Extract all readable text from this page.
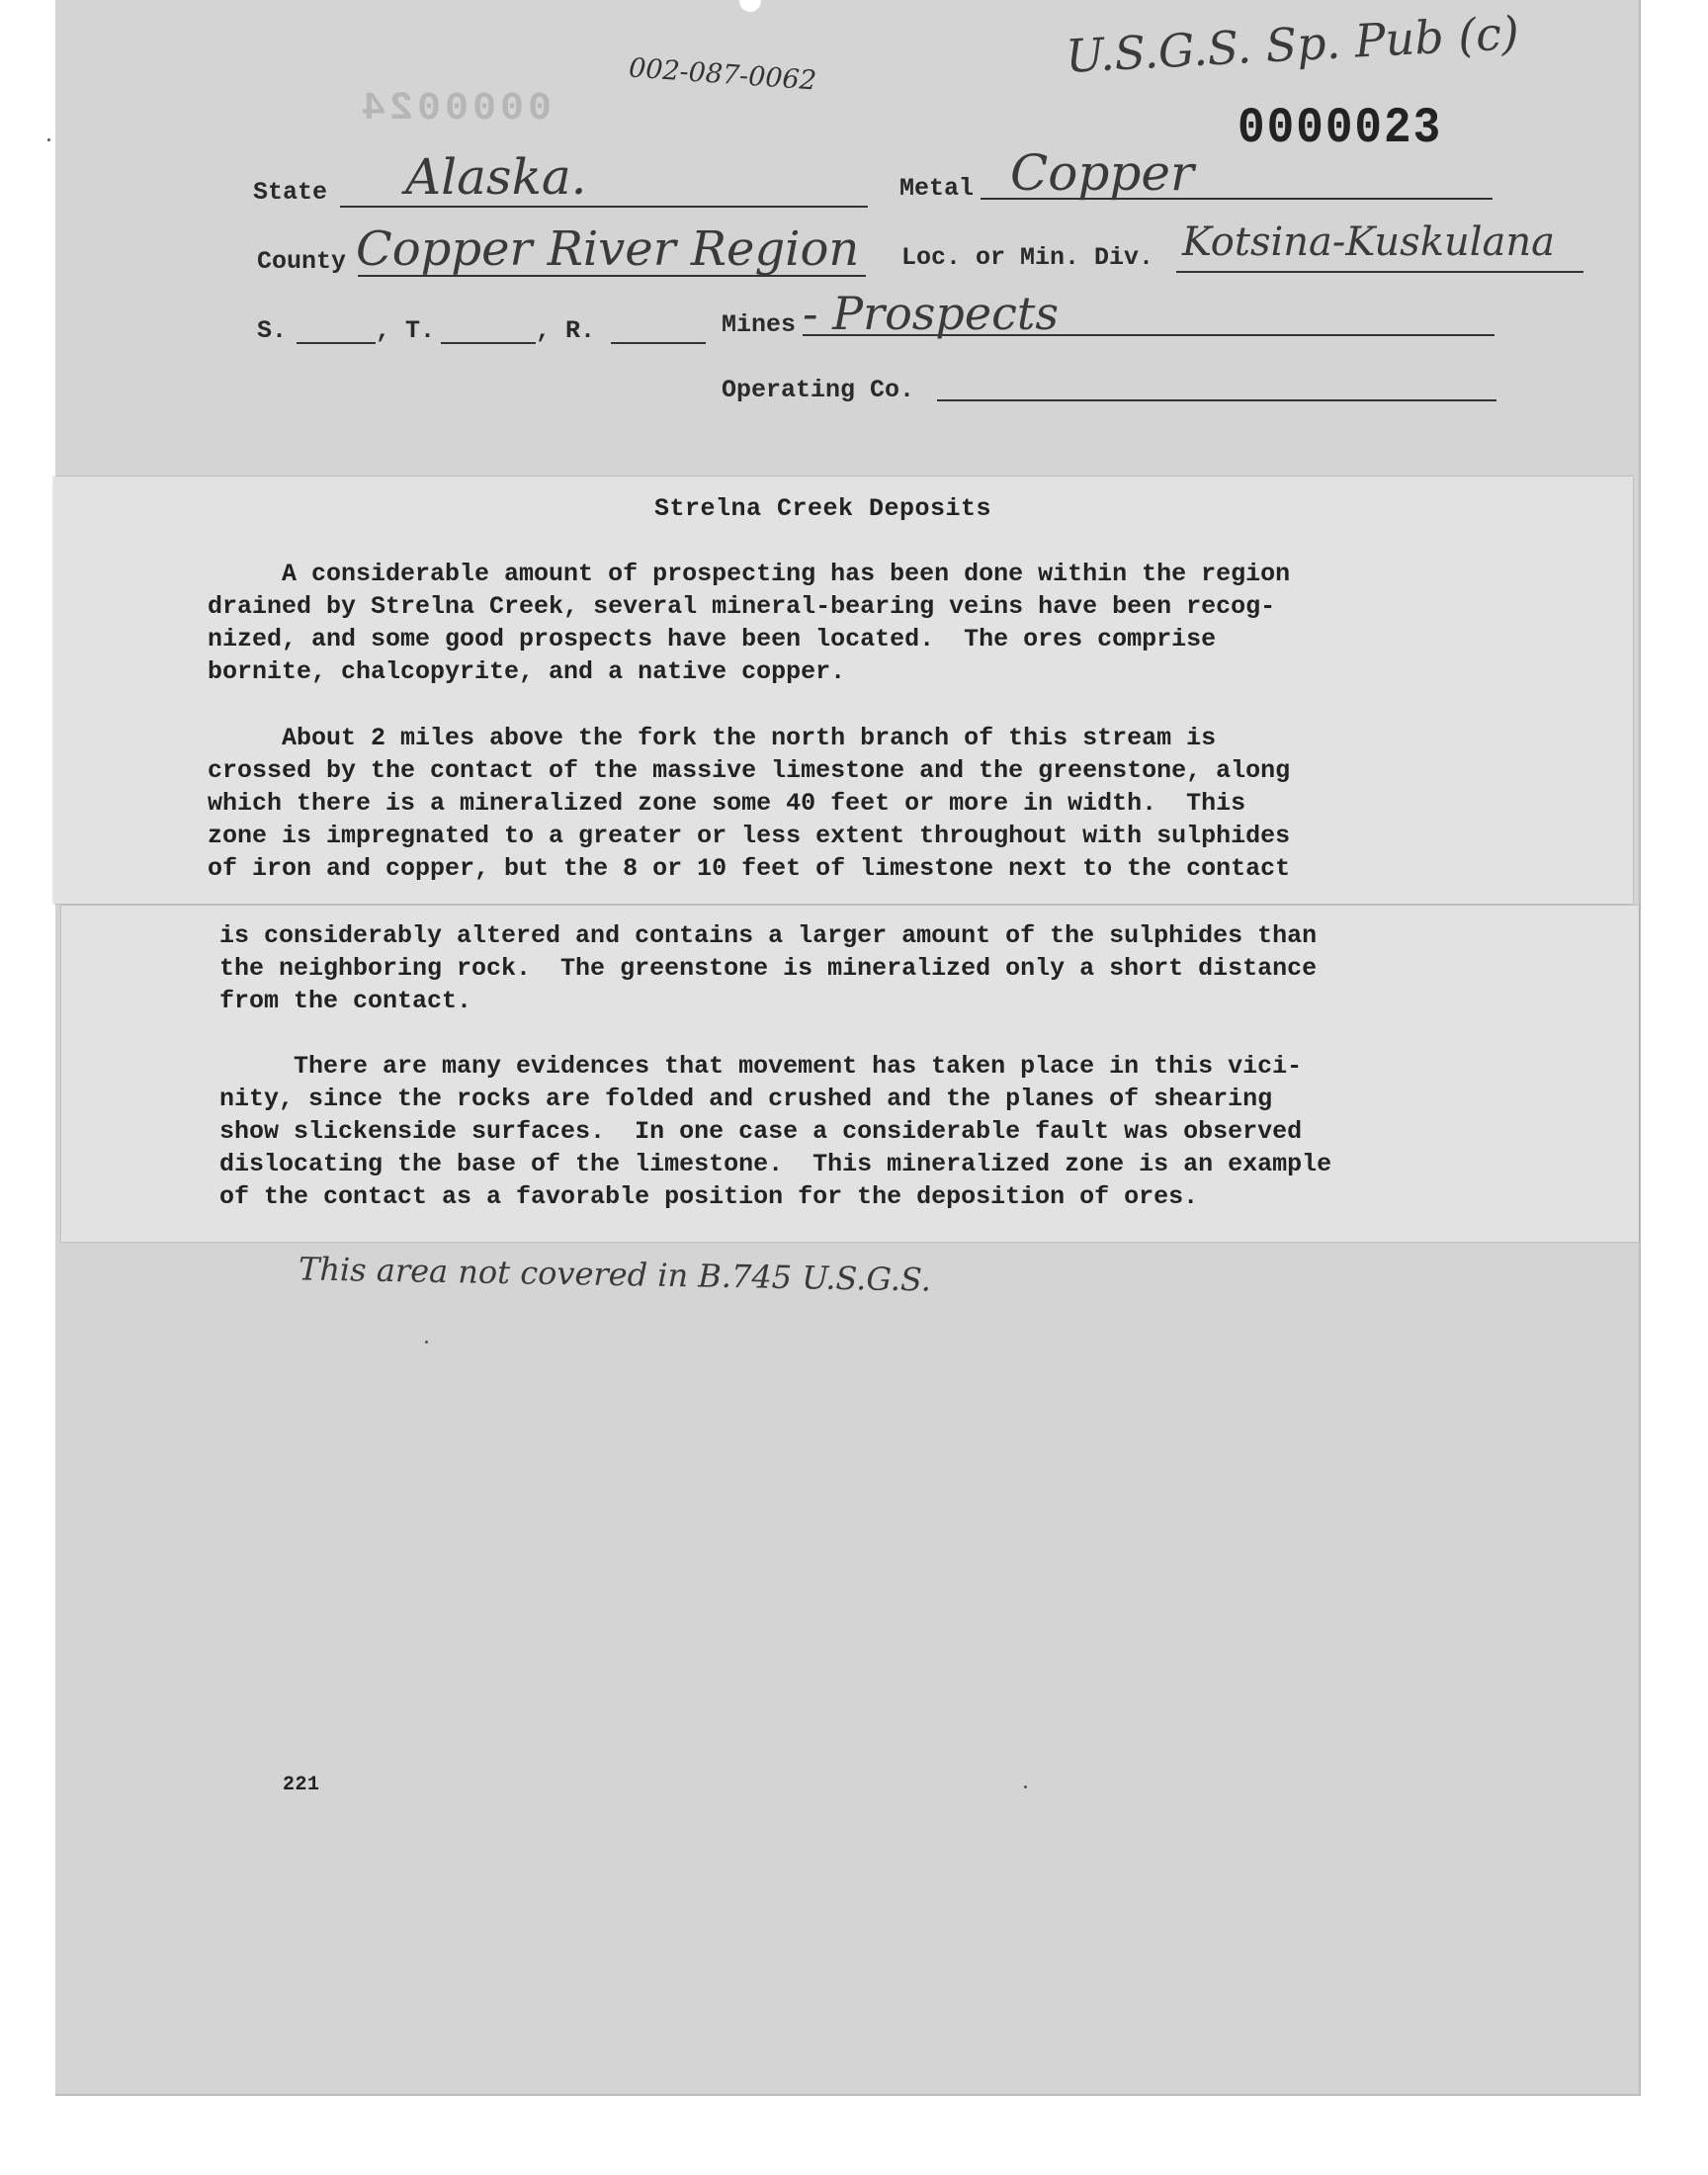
U.S.G.S. Sp. Pub (c)
002-087-0062
0000024	0000023
State Alaska.	Metal Copper
County Copper River Region Loc. or Min. Div. Kotsina-Kuskulana
S.	, T.	, R.	Mines - Prospects
Operating Co.
Strelna Creek Deposits
A considerable amount of prospecting has been done within the region
drained by Strelna Creek, several mineral-bearing veins have been recog-
nized, and some good prospects have been located.  The ores comprise
bornite, chalcopyrite, and a native copper.
About 2 miles above the fork the north branch of this stream is
crossed by the contact of the massive limestone and the greenstone, along
which there is a mineralized zone some 40 feet or more in width.  This
zone is impregnated to a greater or less extent throughout with sulphides
of iron and copper, but the 8 or 10 feet of limestone next to the contact
is considerably altered and contains a larger amount of the sulphides than
the neighboring rock.  The greenstone is mineralized only a short distance
from the contact.
There are many evidences that movement has taken place in this vici-
nity, since the rocks are folded and crushed and the planes of shearing
show slickenside surfaces.  In one case a considerable fault was observed
dislocating the base of the limestone.  This mineralized zone is an example
of the contact as a favorable position for the deposition of ores.
This area not covered in B.745 U.S.G.S.
221
